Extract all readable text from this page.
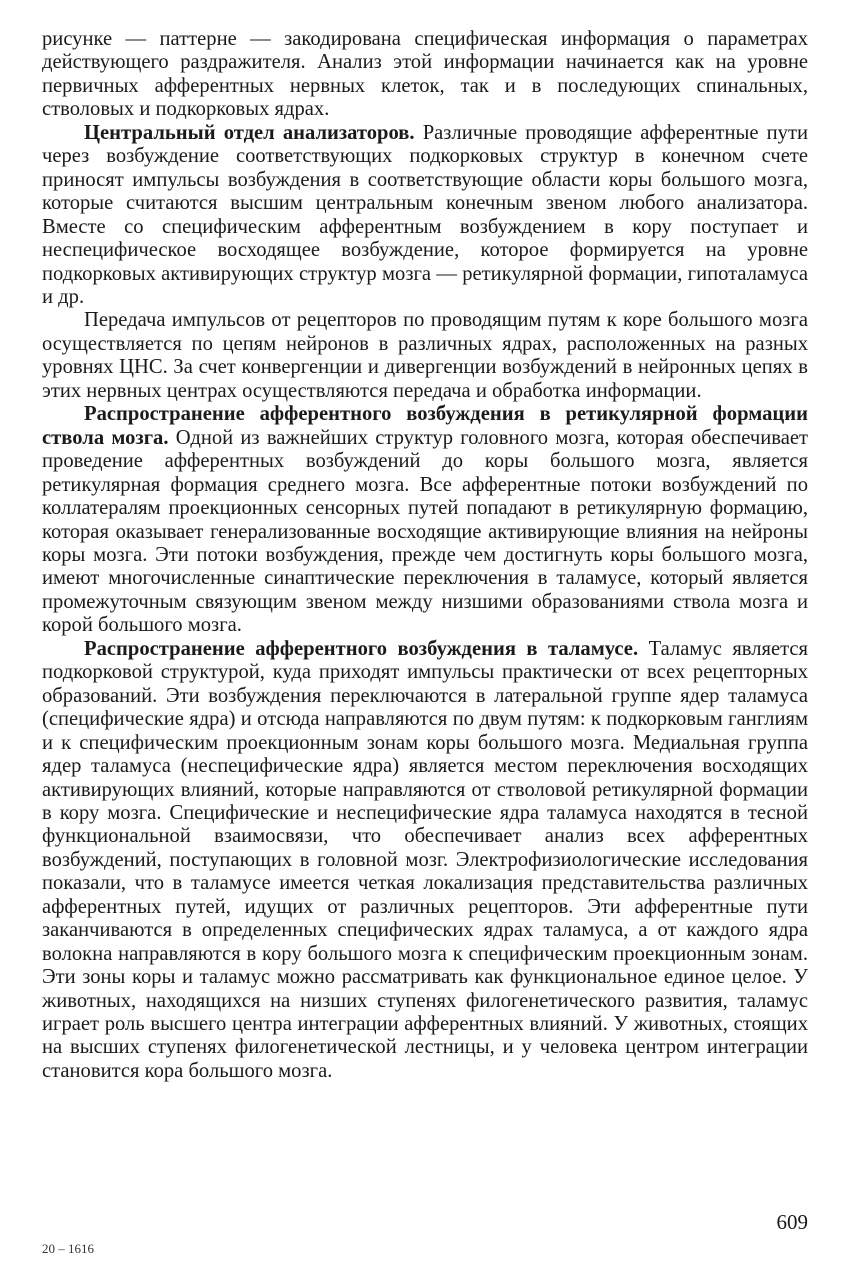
рисунке — паттерне — закодирована специфическая информация о параметрах действующего раздражителя. Анализ этой информации начинается как на уровне первичных афферентных нервных клеток, так и в последующих спинальных, стволовых и подкорковых ядрах.

Центральный отдел анализаторов. Различные проводящие афферентные пути через возбуждение соответствующих подкорковых структур в конечном счете приносят импульсы возбуждения в соответствующие области коры большого мозга, которые считаются высшим центральным конечным звеном любого анализатора. Вместе со специфическим афферентным возбуждением в кору поступает и неспецифическое восходящее возбуждение, которое формируется на уровне подкорковых активирующих структур мозга — ретикулярной формации, гипоталамуса и др.

Передача импульсов от рецепторов по проводящим путям к коре большого мозга осуществляется по цепям нейронов в различных ядрах, расположенных на разных уровнях ЦНС. За счет конвергенции и дивергенции возбуждений в нейронных цепях в этих нервных центрах осуществляются передача и обработка информации.

Распространение афферентного возбуждения в ретикулярной формации ствола мозга. Одной из важнейших структур головного мозга, которая обеспечивает проведение афферентных возбуждений до коры большого мозга, является ретикулярная формация среднего мозга. Все афферентные потоки возбуждений по коллатералям проекционных сенсорных путей попадают в ретикулярную формацию, которая оказывает генерализованные восходящие активирующие влияния на нейроны коры мозга. Эти потоки возбуждения, прежде чем достигнуть коры большого мозга, имеют многочисленные синаптические переключения в таламусе, который является промежуточным связующим звеном между низшими образованиями ствола мозга и корой большого мозга.

Распространение афферентного возбуждения в таламусе. Таламус является подкорковой структурой, куда приходят импульсы практически от всех рецепторных образований. Эти возбуждения переключаются в латеральной группе ядер таламуса (специфические ядра) и отсюда направляются по двум путям: к подкорковым ганглиям и к специфическим проекционным зонам коры большого мозга. Медиальная группа ядер таламуса (неспецифические ядра) является местом переключения восходящих активирующих влияний, которые направляются от стволовой ретикулярной формации в кору мозга. Специфические и неспецифические ядра таламуса находятся в тесной функциональной взаимосвязи, что обеспечивает анализ всех афферентных возбуждений, поступающих в головной мозг. Электрофизиологические исследования показали, что в таламусе имеется четкая локализация представительства различных афферентных путей, идущих от различных рецепторов. Эти афферентные пути заканчиваются в определенных специфических ядрах таламуса, а от каждого ядра волокна направляются в кору большого мозга к специфическим проекционным зонам. Эти зоны коры и таламус можно рассматривать как функциональное единое целое. У животных, находящихся на низших ступенях филогенетического развития, таламус играет роль высшего центра интеграции афферентных влияний. У животных, стоящих на высших ступенях филогенетической лестницы, и у человека центром интеграции становится кора большого мозга.

609
20 – 1616
